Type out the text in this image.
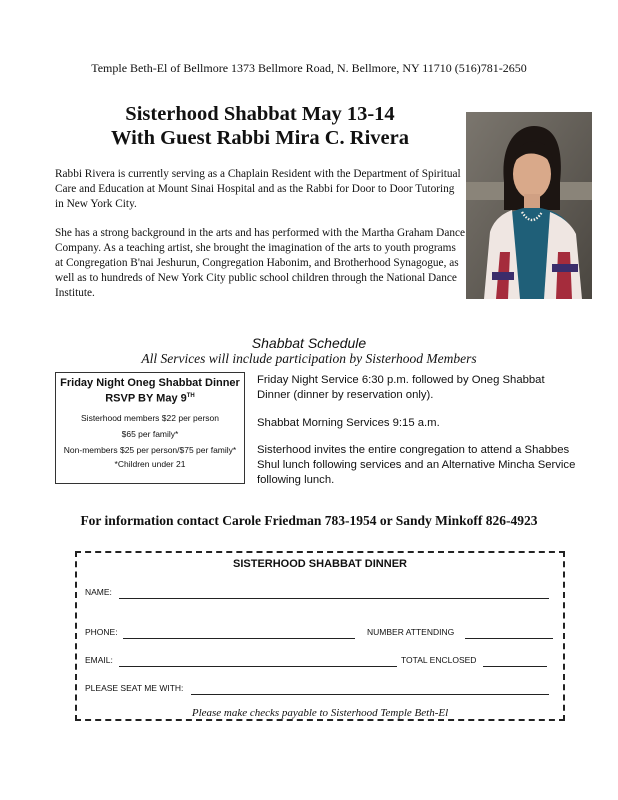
Temple Beth-El of Bellmore 1373 Bellmore Road, N. Bellmore, NY 11710 (516)781-2650
Sisterhood Shabbat May 13-14
With Guest Rabbi Mira C. Rivera

Rabbi Rivera is currently serving as a Chaplain Resident with the Department of Spiritual Care and Education at Mount Sinai Hospital and as the Rabbi for Door to Door Tutoring in New York City.

She has a strong background in the arts and has performed with the Martha Graham Dance Company. As a teaching artist, she brought the imagination of the arts to youth programs at Congregation B'nai Jeshurun, Congregation Habonim, and Brotherhood Synagogue, as well as to hundreds of New York City public school children through the National Dance Institute.

Shabbat Schedule
All Services will include participation by Sisterhood Members
Friday Night Oneg Shabbat Dinner
RSVP BY May 9TH
Sisterhood members $22 per person
$65 per family*
Non-members $25 per person/$75 per family*
*Children under 21

Friday Night Service 6:30 p.m. followed by Oneg Shabbat Dinner (dinner by reservation only).

Shabbat Morning Services 9:15 a.m.

Sisterhood invites the entire congregation to attend a Shabbes Shul lunch following services and an Alternative Mincha Service following lunch.

For information contact Carole Friedman 783-1954 or Sandy Minkoff 826-4923
SISTERHOOD SHABBAT DINNER
NAME:
PHONE:	NUMBER ATTENDING
EMAIL:	TOTAL ENCLOSED
PLEASE SEAT ME WITH:
Please make checks payable to Sisterhood Temple Beth-El
